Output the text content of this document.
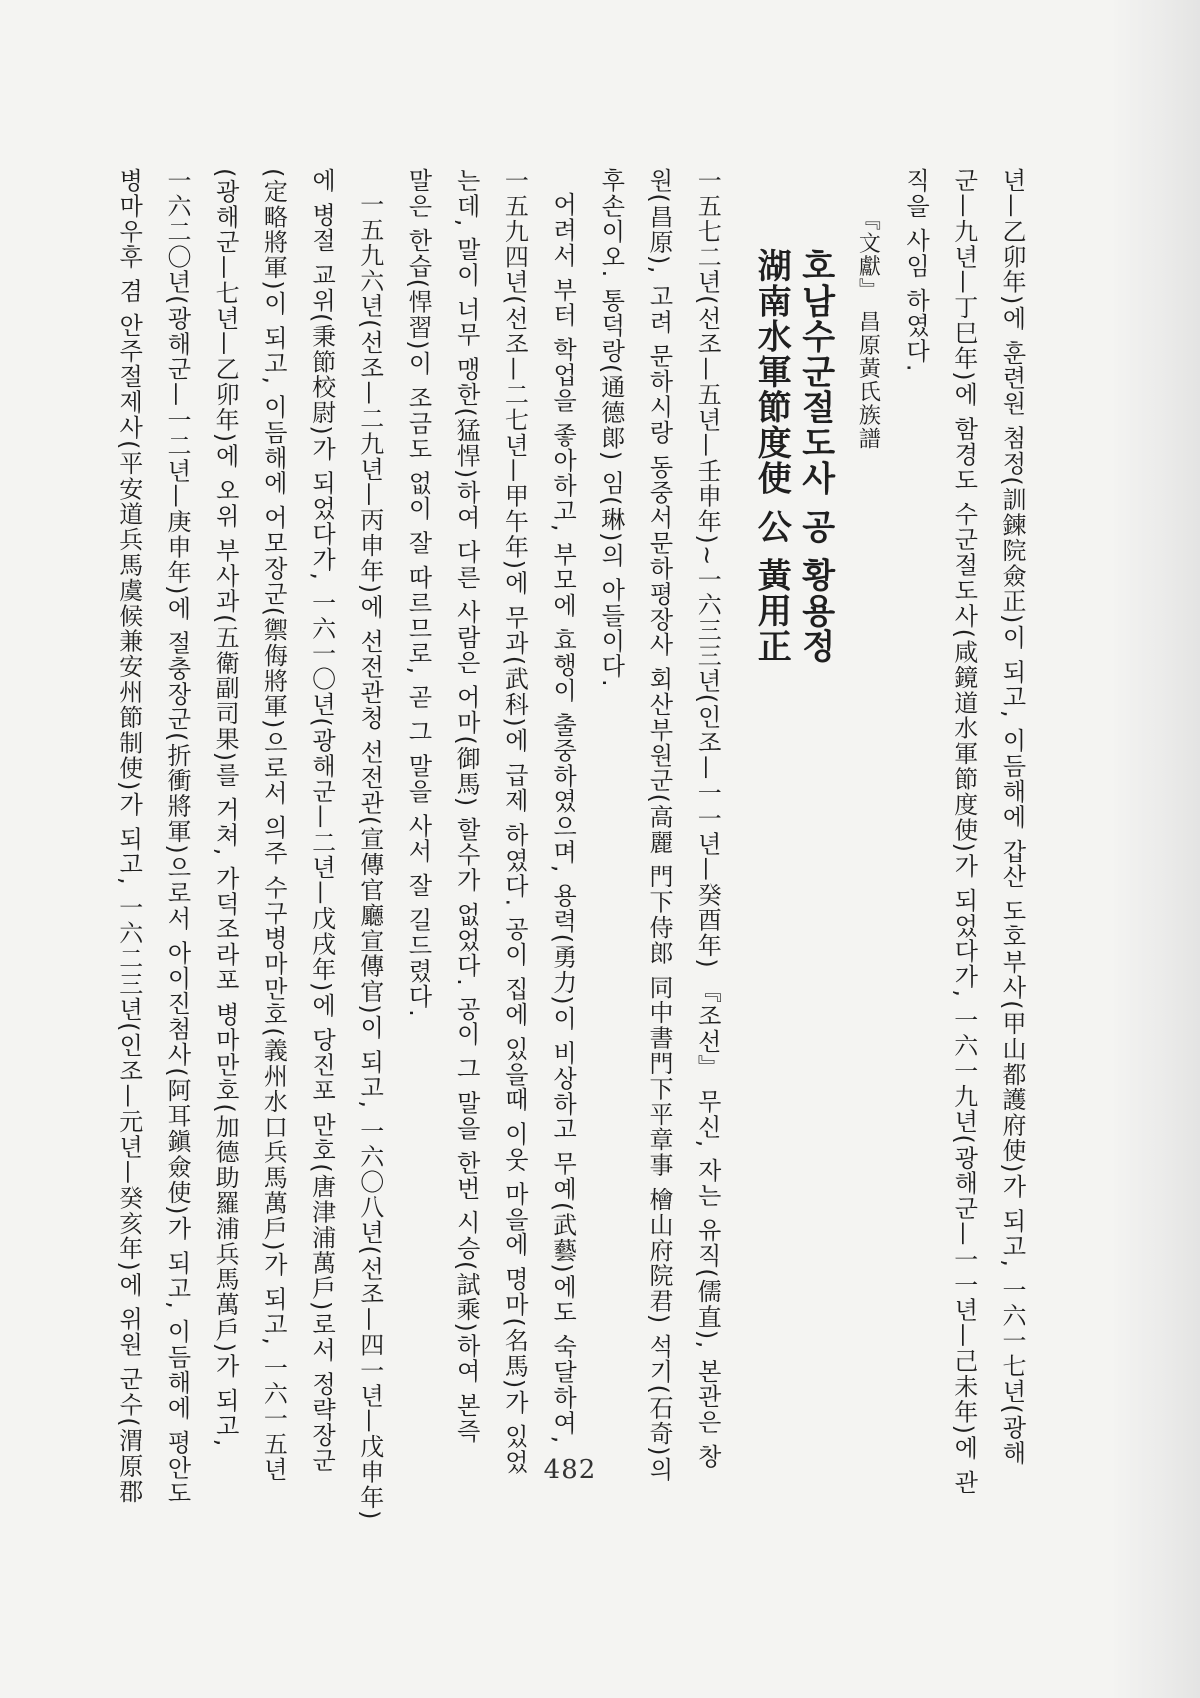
년—乙卯年)에 훈련원 첨정(訓鍊院僉正)이 되고, 이듬해에 갑산 도호부사(甲山都護府使)가 되고, 一六一七년(광해
군—九년—丁巳年)에 함경도 수군절도사(咸鏡道水軍節度使)가 되었다가, 一六一九년(광해군—一一년—己未年)에 관
직을 사임 하였다.
『文獻』 昌原黃氏族譜
호남수군절도사 공 황용정
湖南水軍節度使 公 黃用正
一五七二년(선조—五년—壬申年)~一六三三년(인조—一一년—癸酉年) 『조선』 무신, 자는 유직(儒直), 본관은 창
원(昌原), 고려 문하시랑 동중서문하평장사 회산부원군(高麗 門下侍郎 同中書門下平章事 檜山府院君) 석기(石奇)의
후손이오. 통덕랑(通德郞) 임(琳)의 아들이다.
어려서 부터 학업을 좋아하고, 부모에 효행이 출중하였으며, 용력(勇力)이 비상하고 무예(武藝)에도 숙달하여,
一五九四년(선조—二七년—甲午年)에 무과(武科)에 급제 하였다. 공이 집에 있을때 이웃 마을에 명마(名馬)가 있었
는데, 말이 너무 맹한(猛悍)하여 다른 사람은 어마(御馬) 할수가 없었다. 공이 그 말을 한번 시승(試乘)하여 본즉
말은 한습(悍習)이 조금도 없이 잘 따르므로, 곧 그 말을 사서 잘 길드렸다.
一五九六년(선조—二九년—丙申年)에 선전관청 선전관(宣傳官廳宣傳官)이 되고, 一六〇八년(선조—四一년—戊申年)
에 병절 교위(秉節校尉)가 되었다가, 一六一〇년(광해군—二년—戊戌年)에 당진포 만호(唐津浦萬戶)로서 정략장군
(定略將軍)이 되고, 이듬해에 어모장군(禦侮將軍)으로서 의주 수구병마만호(義州水口兵馬萬戶)가 되고, 一六一五년
(광해군—七년—乙卯年)에 오위 부사과(五衛副司果)를 거쳐, 가덕조라포 병마만호(加德助羅浦兵馬萬戶)가 되고,
一六二〇년(광해군—一二년—庚申年)에 절충장군(折衝將軍)으로서 아이진첨사(阿耳鎭僉使)가 되고, 이듬해에 평안도
병마우후 겸 안주절제사(平安道兵馬虞候兼安州節制使)가 되고, 一六二三년(인조—元년—癸亥年)에 위원 군수(渭原郡	482
